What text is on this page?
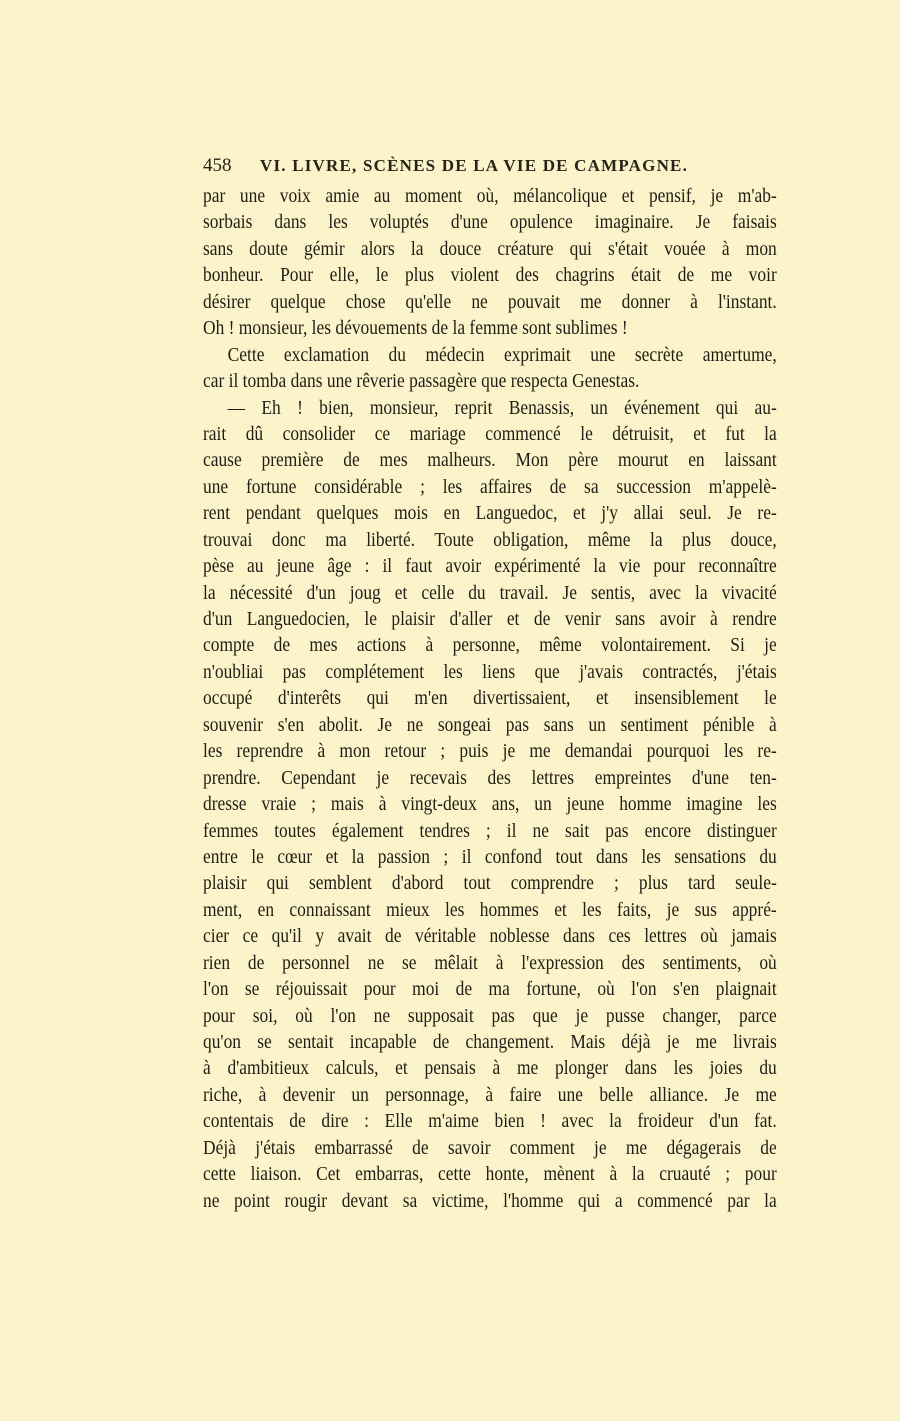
458 VI. LIVRE, SCÈNES DE LA VIE DE CAMPAGNE.
par une voix amie au moment où, mélancolique et pensif, je m'ab-
sorbais dans les voluptés d'une opulence imaginaire. Je faisais
sans doute gémir alors la douce créature qui s'était vouée à mon
bonheur. Pour elle, le plus violent des chagrins était de me voir
désirer quelque chose qu'elle ne pouvait me donner à l'instant.
Oh ! monsieur, les dévouements de la femme sont sublimes !
Cette exclamation du médecin exprimait une secrète amertume,
car il tomba dans une rêverie passagère que respecta Genestas.
— Eh ! bien, monsieur, reprit Benassis, un événement qui au-
rait dû consolider ce mariage commencé le détruisit, et fut la
cause première de mes malheurs. Mon père mourut en laissant
une fortune considérable ; les affaires de sa succession m'appelè-
rent pendant quelques mois en Languedoc, et j'y allai seul. Je re-
trouvai donc ma liberté. Toute obligation, même la plus douce,
pèse au jeune âge : il faut avoir expérimenté la vie pour reconnaître
la nécessité d'un joug et celle du travail. Je sentis, avec la vivacité
d'un Languedocien, le plaisir d'aller et de venir sans avoir à rendre
compte de mes actions à personne, même volontairement. Si je
n'oubliai pas complétement les liens que j'avais contractés, j'étais
occupé d'interêts qui m'en divertissaient, et insensiblement le
souvenir s'en abolit. Je ne songeai pas sans un sentiment pénible à
les reprendre à mon retour ; puis je me demandai pourquoi les re-
prendre. Cependant je recevais des lettres empreintes d'une ten-
dresse vraie ; mais à vingt-deux ans, un jeune homme imagine les
femmes toutes également tendres ; il ne sait pas encore distinguer
entre le cœur et la passion ; il confond tout dans les sensations du
plaisir qui semblent d'abord tout comprendre ; plus tard seule-
ment, en connaissant mieux les hommes et les faits, je sus appré-
cier ce qu'il y avait de véritable noblesse dans ces lettres où jamais
rien de personnel ne se mêlait à l'expression des sentiments, où
l'on se réjouissait pour moi de ma fortune, où l'on s'en plaignait
pour soi, où l'on ne supposait pas que je pusse changer, parce
qu'on se sentait incapable de changement. Mais déjà je me livrais
à d'ambitieux calculs, et pensais à me plonger dans les joies du
riche, à devenir un personnage, à faire une belle alliance. Je me
contentais de dire : Elle m'aime bien ! avec la froideur d'un fat.
Déjà j'étais embarrassé de savoir comment je me dégagerais de
cette liaison. Cet embarras, cette honte, mènent à la cruauté ; pour
ne point rougir devant sa victime, l'homme qui a commencé par la
